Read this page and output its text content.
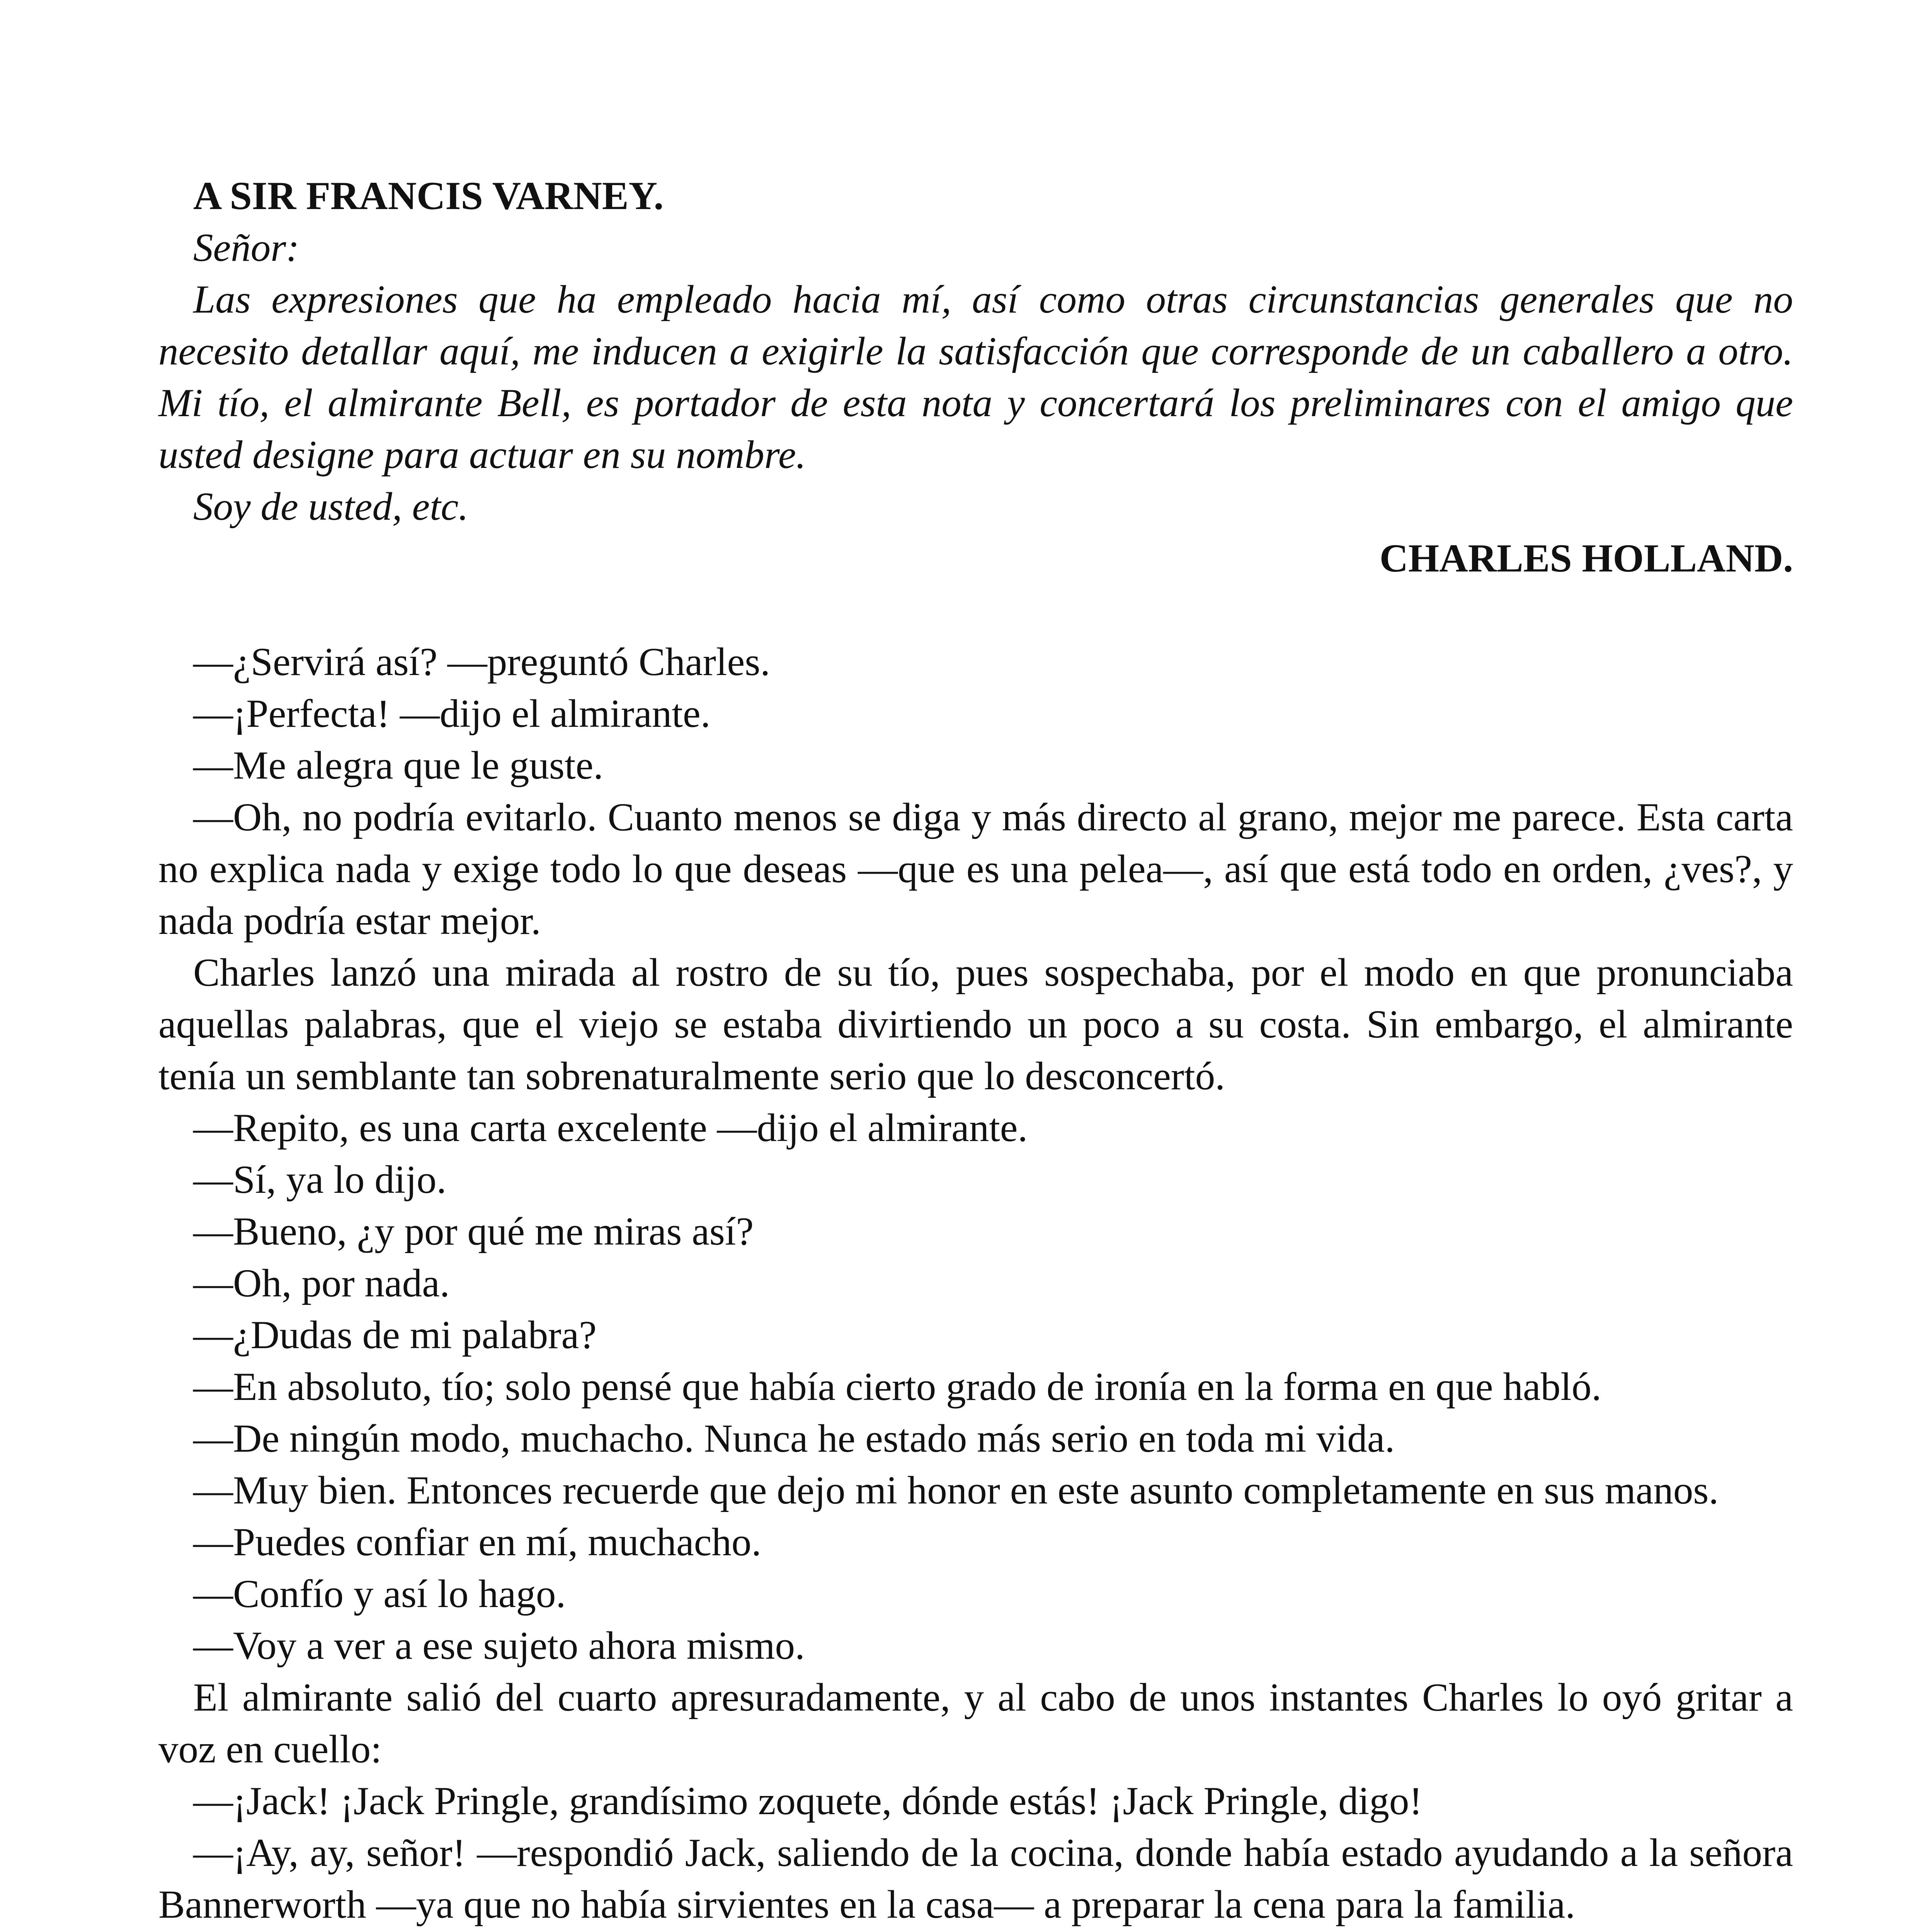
A SIR FRANCIS VARNEY.

Señor:

Las expresiones que ha empleado hacia mí, así como otras circunstancias generales que no necesito detallar aquí, me inducen a exigirle la satisfacción que corresponde de un caballero a otro. Mi tío, el almirante Bell, es portador de esta nota y concertará los preliminares con el amigo que usted designe para actuar en su nombre.

Soy de usted, etc.

CHARLES HOLLAND.

—¿Servirá así? —preguntó Charles.

—¡Perfecta! —dijo el almirante.

—Me alegra que le guste.

—Oh, no podría evitarlo. Cuanto menos se diga y más directo al grano, mejor me parece. Esta carta no explica nada y exige todo lo que deseas —que es una pelea—, así que está todo en orden, ¿ves?, y nada podría estar mejor.

Charles lanzó una mirada al rostro de su tío, pues sospechaba, por el modo en que pronunciaba aquellas palabras, que el viejo se estaba divirtiendo un poco a su costa. Sin embargo, el almirante tenía un semblante tan sobrenaturalmente serio que lo desconcertó.

—Repito, es una carta excelente —dijo el almirante.

—Sí, ya lo dijo.

—Bueno, ¿y por qué me miras así?

—Oh, por nada.

—¿Dudas de mi palabra?

—En absoluto, tío; solo pensé que había cierto grado de ironía en la forma en que habló.

—De ningún modo, muchacho. Nunca he estado más serio en toda mi vida.

—Muy bien. Entonces recuerde que dejo mi honor en este asunto completamente en sus manos.

—Puedes confiar en mí, muchacho.

—Confío y así lo hago.

—Voy a ver a ese sujeto ahora mismo.

El almirante salió del cuarto apresuradamente, y al cabo de unos instantes Charles lo oyó gritar a voz en cuello:

—¡Jack! ¡Jack Pringle, grandísimo zoquete, dónde estás! ¡Jack Pringle, digo!

—¡Ay, ay, señor! —respondió Jack, saliendo de la cocina, donde había estado ayudando a la señora Bannerworth —ya que no había sirvientes en la casa— a preparar la cena para la familia.
